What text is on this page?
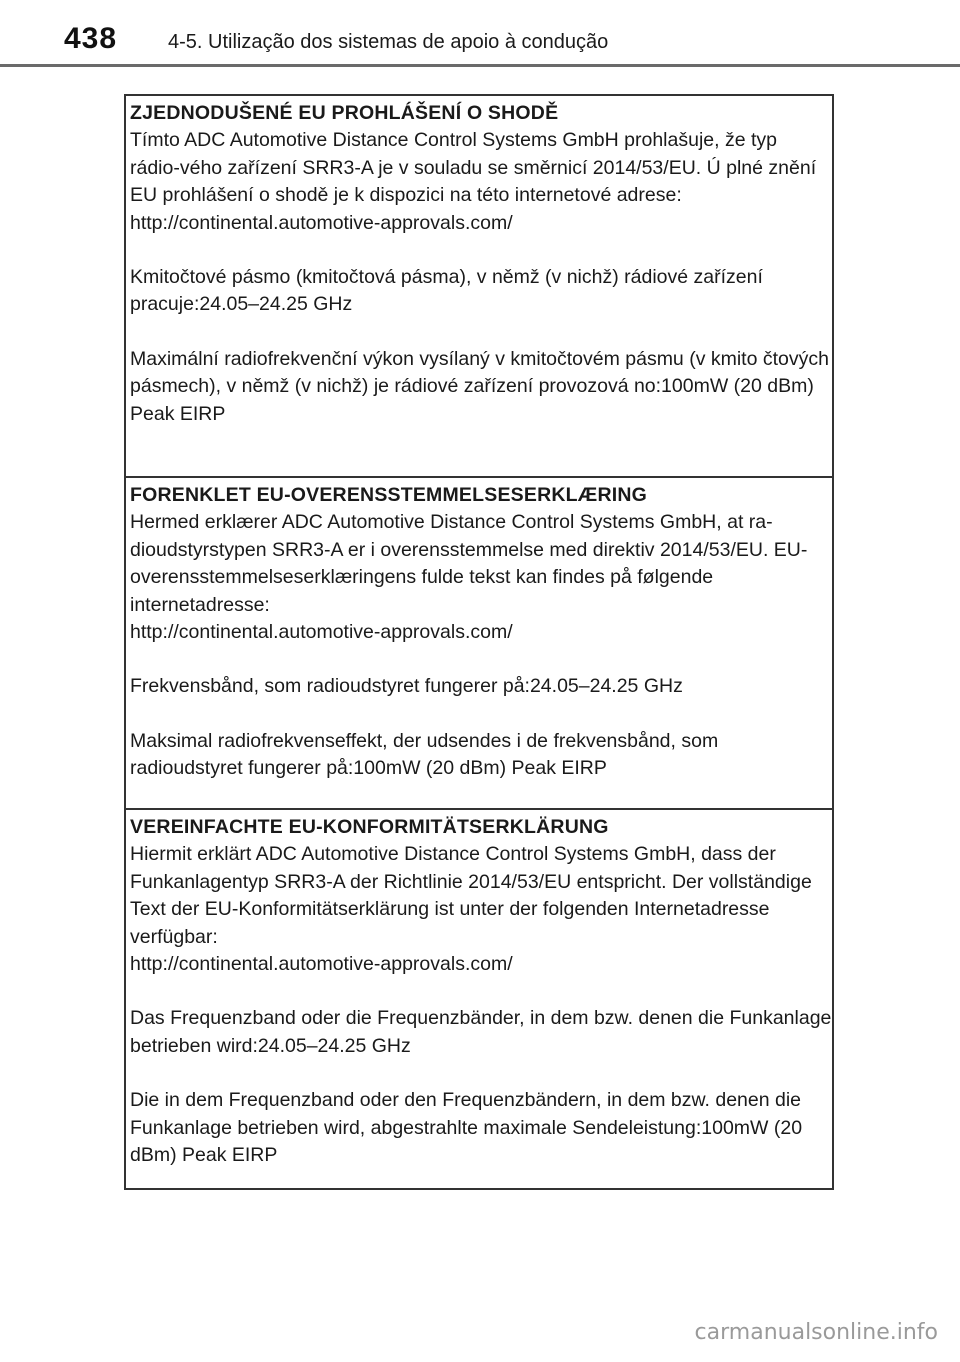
438	4-5. Utilização dos sistemas de apoio à condução

ZJEDNODUŠENÉ EU PROHLÁŠENÍ O SHODĚ

Tímto ADC Automotive Distance Control Systems GmbH prohlašuje, že typ rádio-vého zařízení SRR3-A je v souladu se směrnicí 2014/53/EU. Ú plné znění EU prohlášení o shodě je k dispozici na této internetové adrese:

http://continental.automotive-approvals.com/

Kmitočtové pásmo (kmitočtová pásma), v němž (v nichž) rádiové zařízení pracuje:24.05–24.25 GHz

Maximální radiofrekvenční výkon vysílaný v kmitočtovém pásmu (v kmito čtových pásmech), v němž (v nichž) je rádiové zařízení provozová no:100mW (20 dBm) Peak EIRP

FORENKLET EU-OVERENSSTEMMELSESERKLÆRING

Hermed erklærer ADC Automotive Distance Control Systems GmbH, at ra-dioudstyrstypen SRR3-A er i overensstemmelse med direktiv 2014/53/EU. EU-overensstemmelseserklæringens fulde tekst kan findes på følgende internetadresse:

http://continental.automotive-approvals.com/

Frekvensbånd, som radioudstyret fungerer på:24.05–24.25 GHz

Maksimal radiofrekvenseffekt, der udsendes i de frekvensbånd, som radioudstyret fungerer på:100mW (20 dBm) Peak EIRP

VEREINFACHTE EU-KONFORMITÄTSERKLÄRUNG

Hiermit erklärt ADC Automotive Distance Control Systems GmbH, dass der Funkanlagentyp SRR3-A der Richtlinie 2014/53/EU entspricht. Der vollständige Text der EU-Konformitätserklärung ist unter der folgenden Internetadresse verfügbar:

http://continental.automotive-approvals.com/

Das Frequenzband oder die Frequenzbänder, in dem bzw. denen die Funkanlage betrieben wird:24.05–24.25 GHz

Die in dem Frequenzband oder den Frequenzbändern, in dem bzw. denen die Funkanlage betrieben wird, abgestrahlte maximale Sendeleistung:100mW (20 dBm) Peak EIRP

carmanualsonline.info
